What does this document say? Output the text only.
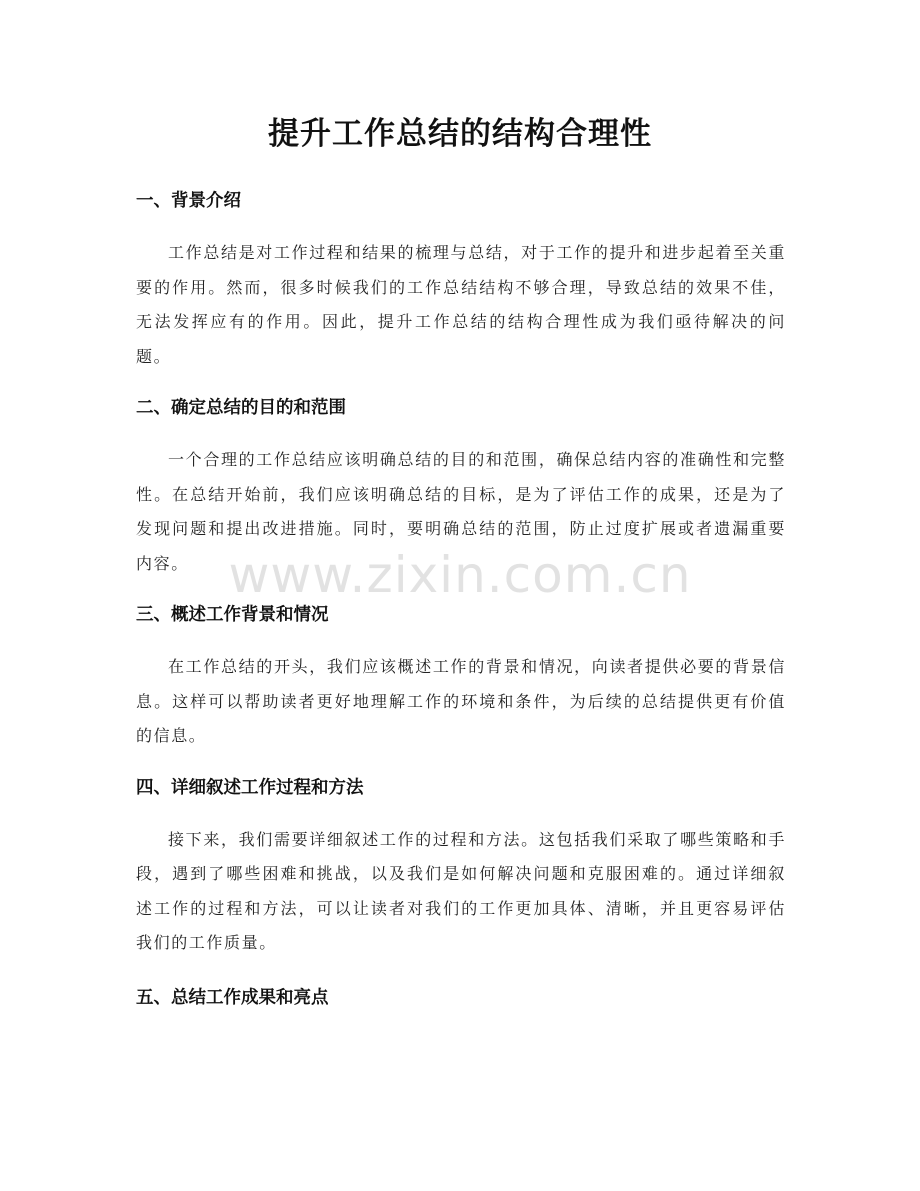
提升工作总结的结构合理性
一、背景介绍

工作总结是对工作过程和结果的梳理与总结，对于工作的提升和进步起着至关重要的作用。然而，很多时候我们的工作总结结构不够合理，导致总结的效果不佳，无法发挥应有的作用。因此，提升工作总结的结构合理性成为我们亟待解决的问题。

二、确定总结的目的和范围

一个合理的工作总结应该明确总结的目的和范围，确保总结内容的准确性和完整性。在总结开始前，我们应该明确总结的目标，是为了评估工作的成果，还是为了发现问题和提出改进措施。同时，要明确总结的范围，防止过度扩展或者遗漏重要内容。

三、概述工作背景和情况

在工作总结的开头，我们应该概述工作的背景和情况，向读者提供必要的背景信息。这样可以帮助读者更好地理解工作的环境和条件，为后续的总结提供更有价值的信息。

四、详细叙述工作过程和方法

接下来，我们需要详细叙述工作的过程和方法。这包括我们采取了哪些策略和手段，遇到了哪些困难和挑战，以及我们是如何解决问题和克服困难的。通过详细叙述工作的过程和方法，可以让读者对我们的工作更加具体、清晰，并且更容易评估我们的工作质量。

五、总结工作成果和亮点
www.zixin.com.cn
